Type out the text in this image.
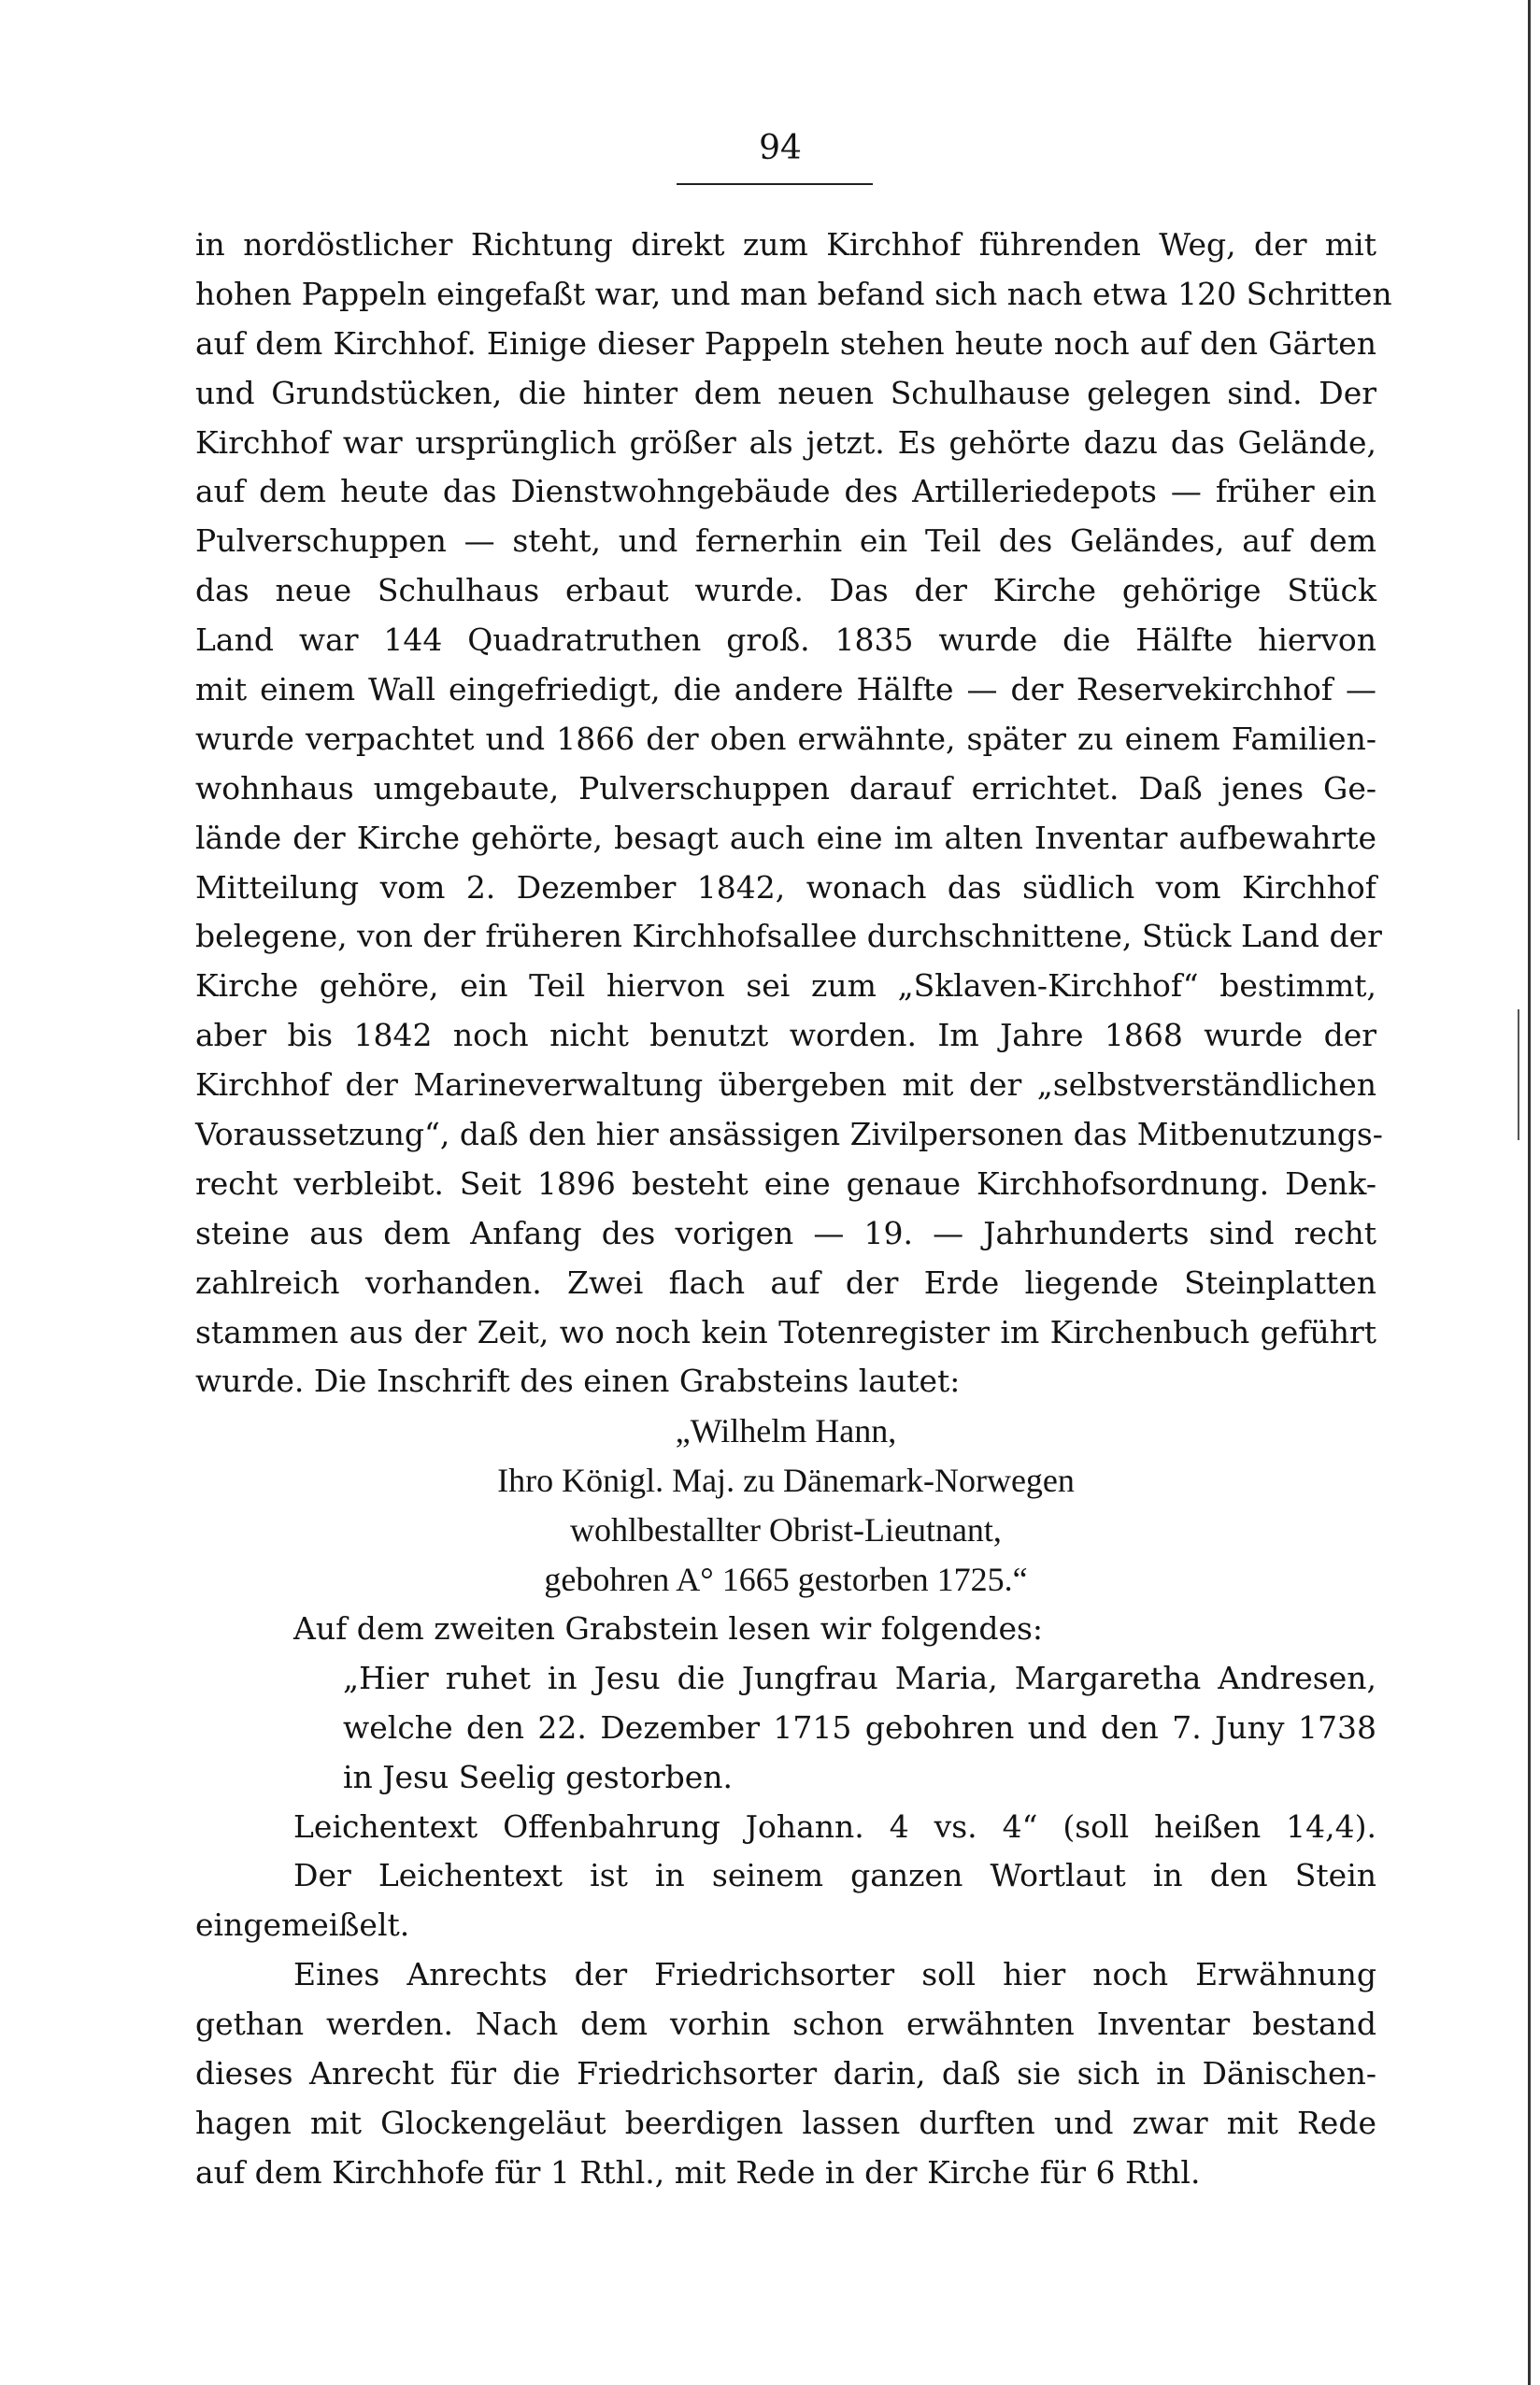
94
in nordöstlicher Richtung direkt zum Kirchhof führenden Weg, der mit
hohen Pappeln eingefaßt war, und man befand sich nach etwa 120 Schritten
auf dem Kirchhof. Einige dieser Pappeln stehen heute noch auf den Gärten
und Grundstücken, die hinter dem neuen Schulhause gelegen sind. Der
Kirchhof war ursprünglich größer als jetzt. Es gehörte dazu das Gelände,
auf dem heute das Dienstwohngebäude des Artilleriedepots — früher ein
Pulverschuppen — steht, und fernerhin ein Teil des Geländes, auf dem
das neue Schulhaus erbaut wurde. Das der Kirche gehörige Stück
Land war 144 Quadratruthen groß. 1835 wurde die Hälfte hiervon
mit einem Wall eingefriedigt, die andere Hälfte — der Reservekirchhof —
wurde verpachtet und 1866 der oben erwähnte, später zu einem Familien-
wohnhaus umgebaute, Pulverschuppen darauf errichtet. Daß jenes Ge-
lände der Kirche gehörte, besagt auch eine im alten Inventar aufbewahrte
Mitteilung vom 2. Dezember 1842, wonach das südlich vom Kirchhof
belegene, von der früheren Kirchhofsallee durchschnittene, Stück Land der
Kirche gehöre, ein Teil hiervon sei zum „Sklaven-Kirchhof“ bestimmt,
aber bis 1842 noch nicht benutzt worden. Im Jahre 1868 wurde der
Kirchhof der Marineverwaltung übergeben mit der „selbstverständlichen
Voraussetzung“, daß den hier ansässigen Zivilpersonen das Mitbenutzungs-
recht verbleibt. Seit 1896 besteht eine genaue Kirchhofsordnung. Denk-
steine aus dem Anfang des vorigen — 19. — Jahrhunderts sind recht
zahlreich vorhanden. Zwei flach auf der Erde liegende Steinplatten
stammen aus der Zeit, wo noch kein Totenregister im Kirchenbuch geführt
wurde. Die Inschrift des einen Grabsteins lautet:
„Wilhelm Hann,
Ihro Königl. Maj. zu Dänemark-Norwegen
wohlbestallter Obrist-Lieutnant,
gebohren A° 1665 gestorben 1725.“
Auf dem zweiten Grabstein lesen wir folgendes:
„Hier ruhet in Jesu die Jungfrau Maria, Margaretha Andresen,
welche den 22. Dezember 1715 gebohren und den 7. Juny 1738
in Jesu Seelig gestorben.
Leichentext Offenbahrung Johann. 4 vs. 4“ (soll heißen 14,4).
Der Leichentext ist in seinem ganzen Wortlaut in den Stein
eingemeißelt.
Eines Anrechts der Friedrichsorter soll hier noch Erwähnung
gethan werden. Nach dem vorhin schon erwähnten Inventar bestand
dieses Anrecht für die Friedrichsorter darin, daß sie sich in Dänischen-
hagen mit Glockengeläut beerdigen lassen durften und zwar mit Rede
auf dem Kirchhofe für 1 Rthl., mit Rede in der Kirche für 6 Rthl.
